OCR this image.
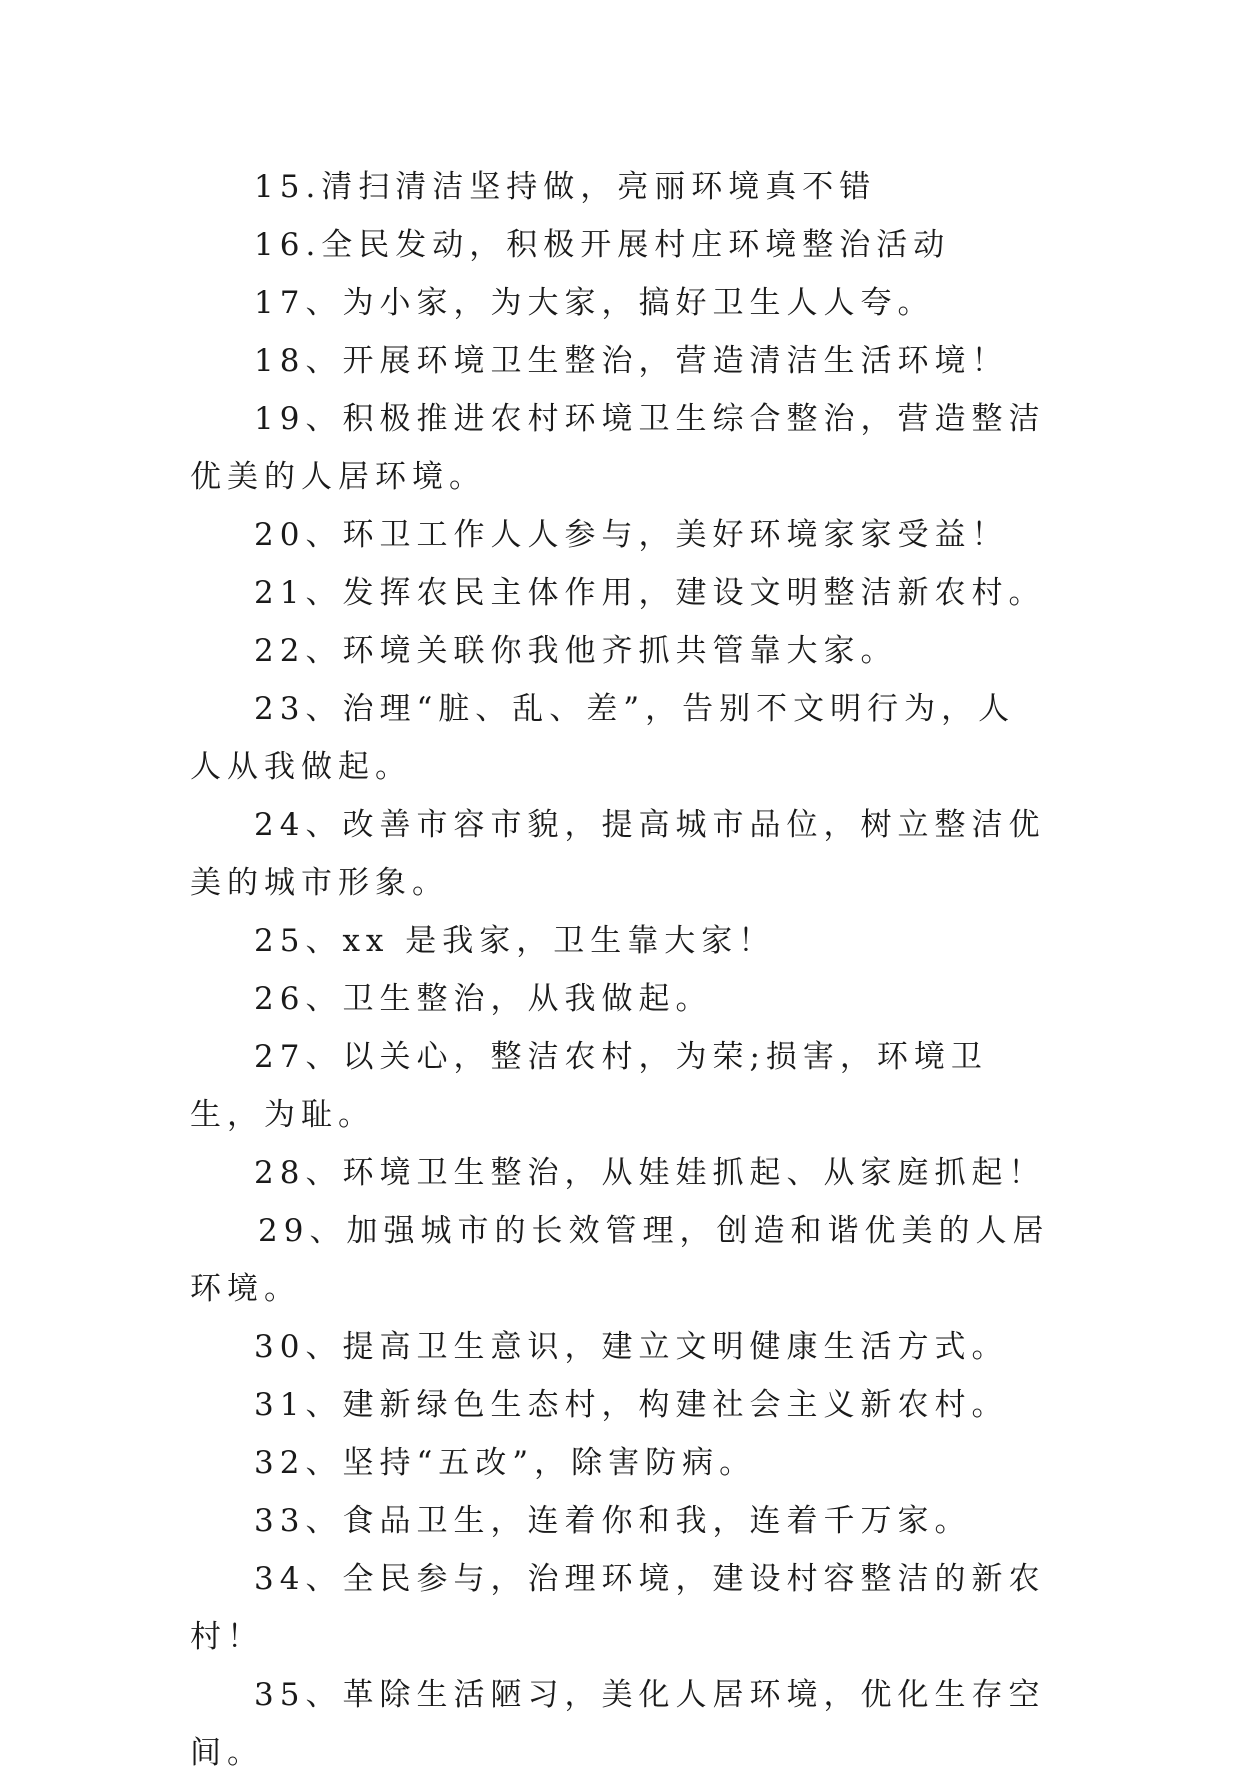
15.清扫清洁坚持做，亮丽环境真不错

16.全民发动，积极开展村庄环境整治活动

17、为小家，为大家，搞好卫生人人夸。

18、开展环境卫生整治，营造清洁生活环境！

19、积极推进农村环境卫生综合整治，营造整洁优美的人居环境。

20、环卫工作人人参与，美好环境家家受益！

21、发挥农民主体作用，建设文明整洁新农村。

22、环境关联你我他齐抓共管靠大家。

23、治理“脏、乱、差”，告别不文明行为，人人从我做起。

24、改善市容市貌，提高城市品位，树立整洁优美的城市形象。

25、xx 是我家，卫生靠大家！

26、卫生整治，从我做起。

27、以关心，整洁农村，为荣;损害，环境卫生，为耻。

28、环境卫生整治，从娃娃抓起、从家庭抓起！

29、加强城市的长效管理，创造和谐优美的人居环境。

30、提高卫生意识，建立文明健康生活方式。

31、建新绿色生态村，构建社会主义新农村。

32、坚持“五改”，除害防病。

33、食品卫生，连着你和我，连着千万家。

34、全民参与，治理环境，建设村容整洁的新农村！

35、革除生活陋习，美化人居环境，优化生存空间。
